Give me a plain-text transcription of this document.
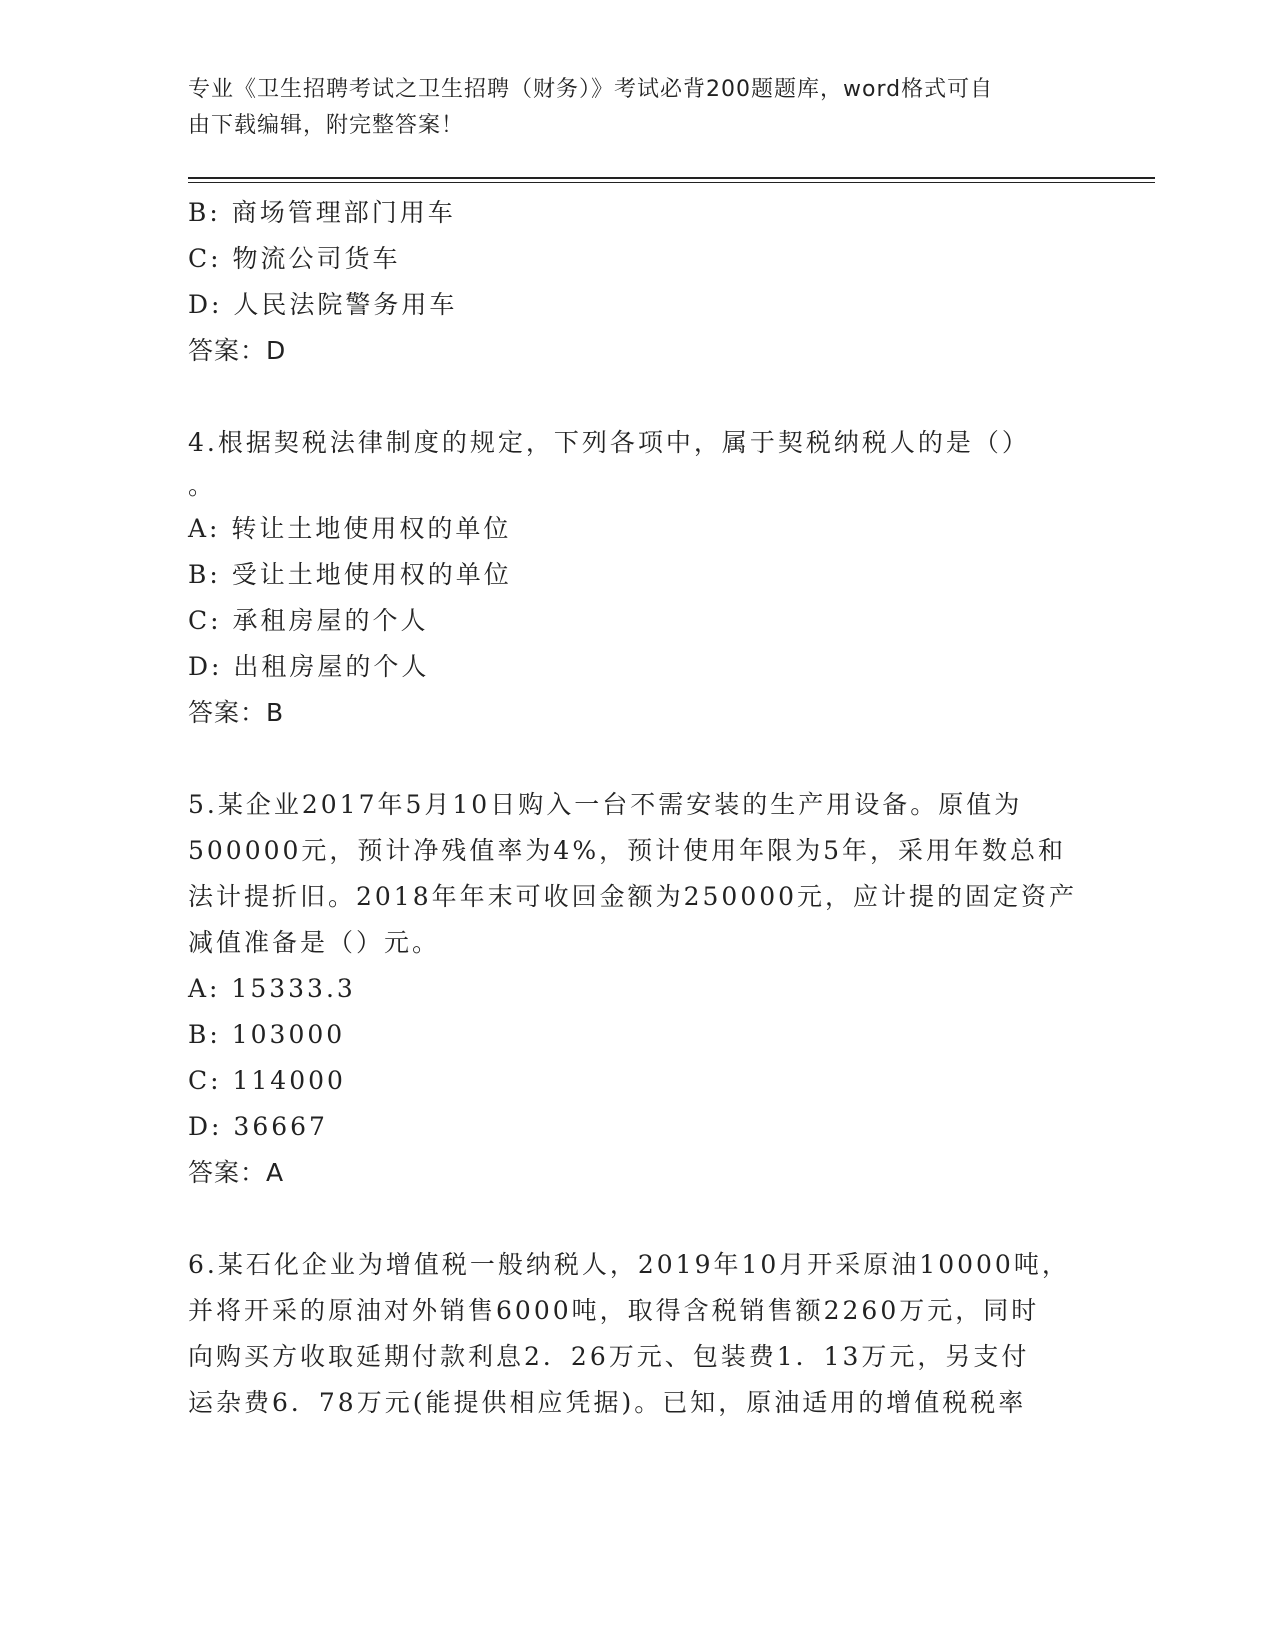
专业《卫生招聘考试之卫生招聘（财务）》考试必背200题题库，word格式可自
由下载编辑，附完整答案！
B: 商场管理部门用车
C: 物流公司货车
D: 人民法院警务用车
答案：D
4.根据契税法律制度的规定，下列各项中，属于契税纳税人的是（）
。
A: 转让土地使用权的单位
B: 受让土地使用权的单位
C: 承租房屋的个人
D: 出租房屋的个人
答案：B
5.某企业2017年5月10日购入一台不需安装的生产用设备。原值为
500000元，预计净残值率为4%，预计使用年限为5年，采用年数总和
法计提折旧。2018年年末可收回金额为250000元，应计提的固定资产
减值准备是（）元。
A: 15333.3
B: 103000
C: 114000
D: 36667
答案：A
6.某石化企业为增值税一般纳税人，2019年10月开采原油10000吨，
并将开采的原油对外销售6000吨，取得含税销售额2260万元，同时
向购买方收取延期付款利息2．26万元、包装费1．13万元，另支付
运杂费6．78万元(能提供相应凭据)。已知，原油适用的增值税税率
